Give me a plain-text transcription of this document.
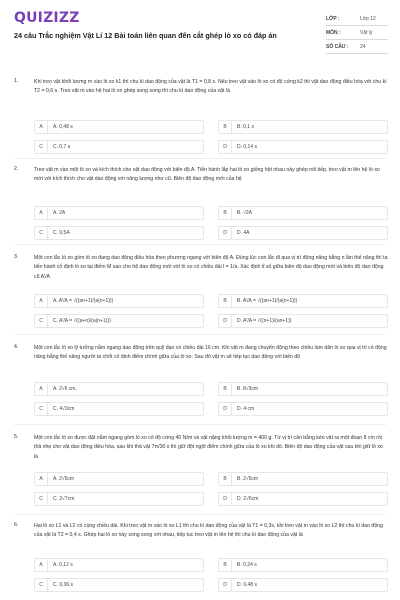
QUIZIZZ
24 câu Trắc nghiệm Vật Lí 12 Bài toán liên quan đến cắt ghép lò xo có đáp án
LỚP :	Lớp 12
MÔN :	Vật lý
SỐ CÂU :	24
1.	Khi treo vật khối lượng m vào lò xo k1 thì chu kì dao động của vật là T1 = 0,8 s. Nếu treo vật vào lò xo có độ cứng k2 thì vật dao động điều hòa với chu kì T2 = 0,6 s. Treo vật m vào hệ hai lò xo ghép song song thì chu kì dao động của vật là
A	A. 0,48 s	B	B. 0,1 s
C	C. 0,7 s	D	D. 0,14 s
2.	Treo vật m vào một lò xo và kích thích cho vật dao động với biên độ A. Tiến hành lắp hai lò xo giống hệt nhau này ghép nối tiếp, treo vật m lên hệ lò xo mới với kích thích cho vật dao động với năng lượng như cũ. Biên độ dao động mới của hệ
A	A. 2A	B	B. √2A
C	C. 0,5A	D	D. 4A
3.	Một con lắc lò xo gồm lò xo đang dao động điều hòa theo phương ngang với biên độ A. Đúng lúc con lắc đi qua vị trí động năng bằng n lần thế năng thì ta tiến hành cố định lò xo tại điểm M sao cho hệ dao động mới với lò xo có chiều dài l = 1/a. Xác định tỉ số giữa biên độ dao động mới và biên độ dao động cũ A'/A
A	A. A'/A = √((an+1)/(a(n+1)))	B	B. A'/A = √((an+1)/(a(n+1)))
C	C. A'/A = √((a+n)/(a(n+1)))	D	D. A'/A = √((n+1)/(an+1))
4.	Một con lắc lò xo lý tưởng nằm ngang dao động trên quỹ đạo có chiều dài 16 cm. Khi vật m đang chuyển động theo chiều làm dãn lò xo qua vị trí có động năng bằng thế năng người ta chốt cố định điểm chính giữa của lò xo. Sau đó vật m sẽ tiếp tục dao động với biên độ
A	A. 2√6 cm.	B	B. 8√3cm
C	C. 4√3cm	D	D. 4 cm
5.	Một con lắc lò xo được đặt nằm ngang gồm lò xo có độ cứng 40 N/m và vật nặng khối lượng m = 400 g. Từ vị trí cân bằng kéo vật ra một đoạn 8 cm rồi thả nhẹ cho vật dao động điều hòa, sau khi thả vật 7π/30 s thì giữ đột ngột điểm chính giữa của lò xo khi đó. Biên độ dao động của vật sau khi giữ lò xo là
A	A. 2√5cm	B	B. 2√5cm
C	C. 2√7cm	D	D. 2√6cm
6.	Hai lò xo L1 và L2 có cùng chiều dài. Khi treo vật m vào lò xo L1 thì chu kì dao động của vật là T1 = 0,3s, khi treo vật m vào lò xo L2 thì chu kì dao động của vật là T2 = 0,4 s. Ghép hai lò xo này song song với nhau, tiếp tục treo vật m lên hệ thì chu kì dao động của vật là
A	A. 0,12 s	B	B. 0,24 s
C	C. 0,36 s	D	D. 0,48 s
